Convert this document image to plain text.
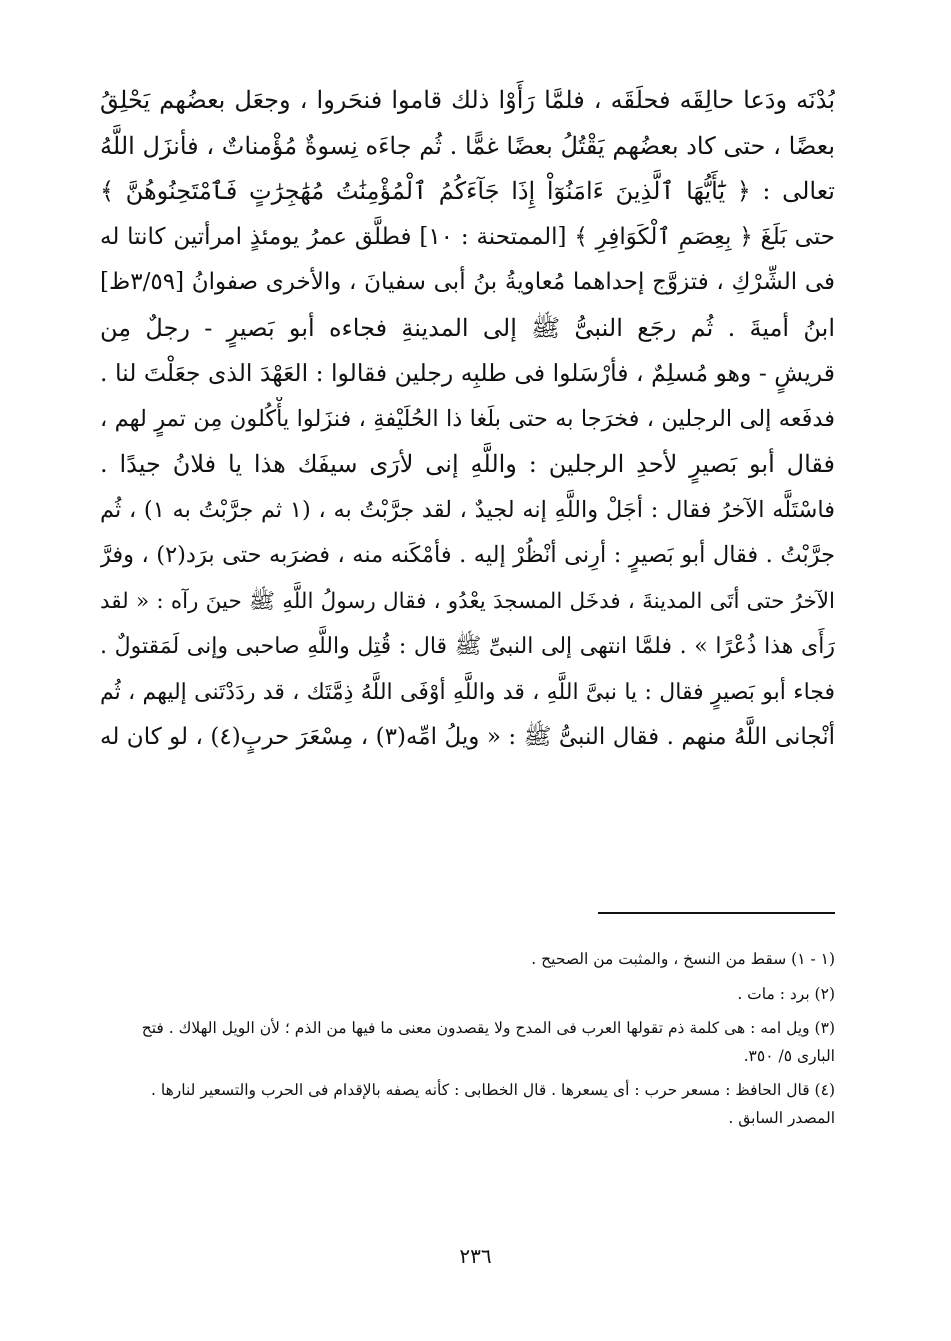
بُدْنَه ودَعا حالِقَه فحلَقَه ، فلمَّا رَأَوْا ذلك قاموا فنحَروا ، وجعَل بعضُهم يَحْلِقُ
بعضًا ، حتى كاد بعضُهم يَقْتُلُ بعضًا غمًّا . ثُم جاءَه نِسوةٌ مُؤْمناتٌ ، فأنزَل اللَّهُ
تعالى : ﴿ يَٰٓأَيُّهَا ٱلَّذِينَ ءَامَنُوٓاْ إِذَا جَآءَكُمُ ٱلْمُؤْمِنَٰتُ مُهَٰجِرَٰتٍ فَٱمْتَحِنُوهُنَّ ﴾
حتى بَلَغَ ﴿ بِعِصَمِ ٱلْكَوَافِرِ ﴾ [الممتحنة : ١٠] فطلَّق عمرُ يومئذٍ امرأتين كانتا له
فى الشِّرْكِ ، فتزوَّج إحداهما مُعاويةُ بنُ أبى سفيانَ ، والأخرى صفوانُ [٣/٥٩ظ]
ابنُ أميةَ . ثُم رجَع النبىُّ ﷺ إلى المدينةِ فجاءه أبو بَصيرٍ - رجلٌ مِن
قريشٍ - وهو مُسلِمٌ ، فأرْسَلوا فى طلبِه رجلين فقالوا : العَهْدَ الذى جعَلْتَ لنا .
فدفَعه إلى الرجلين ، فخرَجا به حتى بلَغا ذا الحُلَيْفةِ ، فنزَلوا يأْكُلون مِن تمرٍ لهم ،
فقال أبو بَصيرٍ لأحدِ الرجلين : واللَّهِ إنى لأرَى سيفَك هذا يا فلانُ جيدًا .
فاسْتَلَّه الآخرُ فقال : أجَلْ واللَّهِ إنه لجيدٌ ، لقد جرَّبْتُ به ، (١ ثم جرَّبْتُ به ١) ، ثُم
جرَّبْتُ . فقال أبو بَصيرٍ : أرِنى أنْظُرْ إليه . فأمْكَنه منه ، فضرَبه حتى برَد(٢) ، وفرَّ
الآخرُ حتى أتَى المدينةَ ، فدخَل المسجدَ يعْدُو ، فقال رسولُ اللَّهِ ﷺ حينَ رآه : « لقد
رَأَى هذا ذُعْرًا » . فلمَّا انتهى إلى النبىِّ ﷺ قال : قُتِل واللَّهِ صاحبى وإنى لَمَقتولٌ .
فجاء أبو بَصيرٍ فقال : يا نبىَّ اللَّهِ ، قد واللَّهِ أوْفَى اللَّهُ ذِمَّتَك ، قد ردَدْتَنى إليهم ، ثُم
أنْجانى اللَّهُ منهم . فقال النبىُّ ﷺ : « ويلُ امِّه(٣) ، مِسْعَرَ حربٍ(٤) ، لو كان له
(١ - ١) سقط من النسخ ، والمثبت من الصحيح .
(٢) برد : مات .
(٣) ويل امه : هى كلمة ذم تقولها العرب فى المدح ولا يقصدون معنى ما فيها من الذم ؛ لأن الويل الهلاك . فتح البارى ٥/ ٣٥٠.
(٤) قال الحافظ : مسعر حرب : أى يسعرها . قال الخطابى : كأنه يصفه بالإقدام فى الحرب والتسعير لنارها . المصدر السابق .
٢٣٦
